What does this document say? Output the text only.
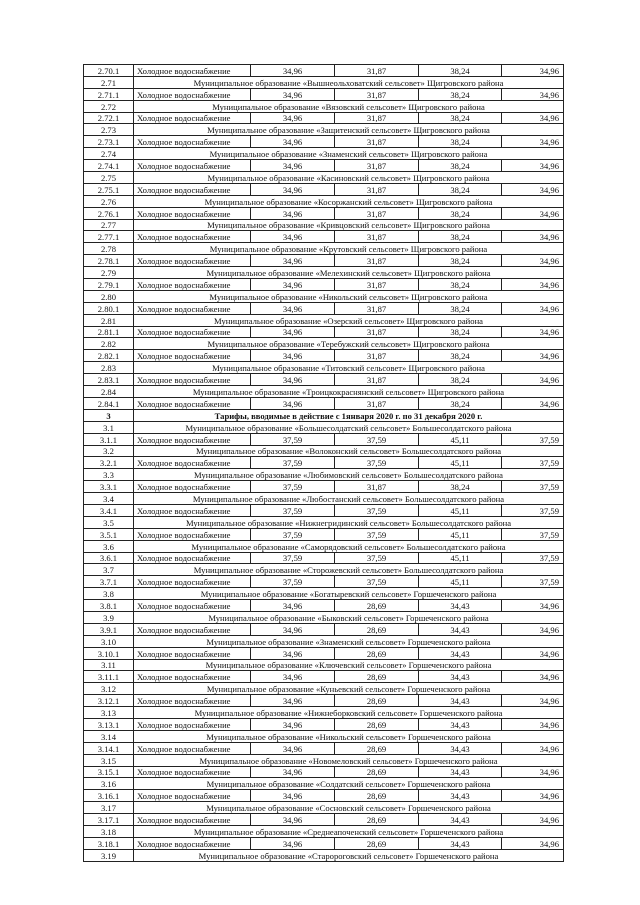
2.70.1	Холодное водоснабжение	34,96	31,87	38,24	34,96
2.71	Муниципальное образование «Вышнеольховатский сельсовет» Щигровского района				
2.71.1	Холодное водоснабжение	34,96	31,87	38,24	34,96
2.72	Муниципальное образование «Вязовский сельсовет» Щигровского района				
2.72.1	Холодное водоснабжение	34,96	31,87	38,24	34,96
2.73	Муниципальное образование «Защитенский сельсовет» Щигровского района				
2.73.1	Холодное водоснабжение	34,96	31,87	38,24	34,96
2.74	Муниципальное образование «Знаменский сельсовет» Щигровского района				
2.74.1	Холодное водоснабжение	34,96	31,87	38,24	34,96
2.75	Муниципальное образование «Касиновский сельсовет» Щигровского района				
2.75.1	Холодное водоснабжение	34,96	31,87	38,24	34,96
2.76	Муниципальное образование «Косоржанский сельсовет» Щигровского района				
2.76.1	Холодное водоснабжение	34,96	31,87	38,24	34,96
2.77	Муниципальное образование «Кривцовский сельсовет» Щигровского района				
2.77.1	Холодное водоснабжение	34,96	31,87	38,24	34,96
2.78	Муниципальное образование «Крутовский сельсовет» Щигровского района				
2.78.1	Холодное водоснабжение	34,96	31,87	38,24	34,96
2.79	Муниципальное образование «Мелехинский сельсовет» Щигровского района				
2.79.1	Холодное водоснабжение	34,96	31,87	38,24	34,96
2.80	Муниципальное образование «Никольский сельсовет» Щигровского района				
2.80.1	Холодное водоснабжение	34,96	31,87	38,24	34,96
2.81	Муниципальное образование «Озерский сельсовет» Щигровского района				
2.81.1	Холодное водоснабжение	34,96	31,87	38,24	34,96
2.82	Муниципальное образование «Теребужский сельсовет» Щигровского района				
2.82.1	Холодное водоснабжение	34,96	31,87	38,24	34,96
2.83	Муниципальное образование «Титовский сельсовет» Щигровского района				
2.83.1	Холодное водоснабжение	34,96	31,87	38,24	34,96
2.84	Муниципальное образование «Троицкокраснянский сельсовет» Щигровского района				
2.84.1	Холодное водоснабжение	34,96	31,87	38,24	34,96
3	Тарифы, вводимые в действие с 1января 2020 г. по 31 декабря 2020 г.				
3.1	Муниципальное образование «Большесолдатский сельсовет» Большесолдатского района				
3.1.1	Холодное водоснабжение	37,59	37,59	45,11	37,59
3.2	Муниципальное образование «Волоконский сельсовет» Большесолдатского района				
3.2.1	Холодное водоснабжение	37,59	37,59	45,11	37,59
3.3	Муниципальное образование «Любимовский сельсовет» Большесолдатского района				
3.3.1	Холодное водоснабжение	37,59	31,87	38,24	37,59
3.4	Муниципальное образование «Любостанский сельсовет» Большесолдатского района				
3.4.1	Холодное водоснабжение	37,59	37,59	45,11	37,59
3.5	Муниципальное образование «Нижнегридинский сельсовет» Большесолдатского района				
3.5.1	Холодное водоснабжение	37,59	37,59	45,11	37,59
3.6	Муниципальное образование «Саморядовский сельсовет» Большесолдатского района				
3.6.1	Холодное водоснабжение	37,59	37,59	45,11	37,59
3.7	Муниципальное образование «Сторожевский сельсовет» Большесолдатского района				
3.7.1	Холодное водоснабжение	37,59	37,59	45,11	37,59
3.8	Муниципальное образование «Богатыревский сельсовет» Горшеченского района				
3.8.1	Холодное водоснабжение	34,96	28,69	34,43	34,96
3.9	Муниципальное образование «Быковский сельсовет» Горшеченского района				
3.9.1	Холодное водоснабжение	34,96	28,69	34,43	34,96
3.10	Муниципальное образование «Знаменский сельсовет» Горшеченского района				
3.10.1	Холодное водоснабжение	34,96	28,69	34,43	34,96
3.11	Муниципальное образование «Ключевский сельсовет» Горшеченского района				
3.11.1	Холодное водоснабжение	34,96	28,69	34,43	34,96
3.12	Муниципальное образование «Куньевский сельсовет» Горшеченского района				
3.12.1	Холодное водоснабжение	34,96	28,69	34,43	34,96
3.13	Муниципальное образование «Нижнеборковский сельсовет» Горшеченского района				
3.13.1	Холодное водоснабжение	34,96	28,69	34,43	34,96
3.14	Муниципальное образование «Никольский сельсовет» Горшеченского района				
3.14.1	Холодное водоснабжение	34,96	28,69	34,43	34,96
3.15	Муниципальное образование «Новомеловский сельсовет» Горшеченского района				
3.15.1	Холодное водоснабжение	34,96	28,69	34,43	34,96
3.16	Муниципальное образование «Солдатский сельсовет» Горшеченского района				
3.16.1	Холодное водоснабжение	34,96	28,69	34,43	34,96
3.17	Муниципальное образование «Сосновский сельсовет» Горшеченского района				
3.17.1	Холодное водоснабжение	34,96	28,69	34,43	34,96
3.18	Муниципальное образование «Среднеапоченский сельсовет» Горшеченского района				
3.18.1	Холодное водоснабжение	34,96	28,69	34,43	34,96
3.19	Муниципальное образование «Старороговский сельсовет» Горшеченского района				
